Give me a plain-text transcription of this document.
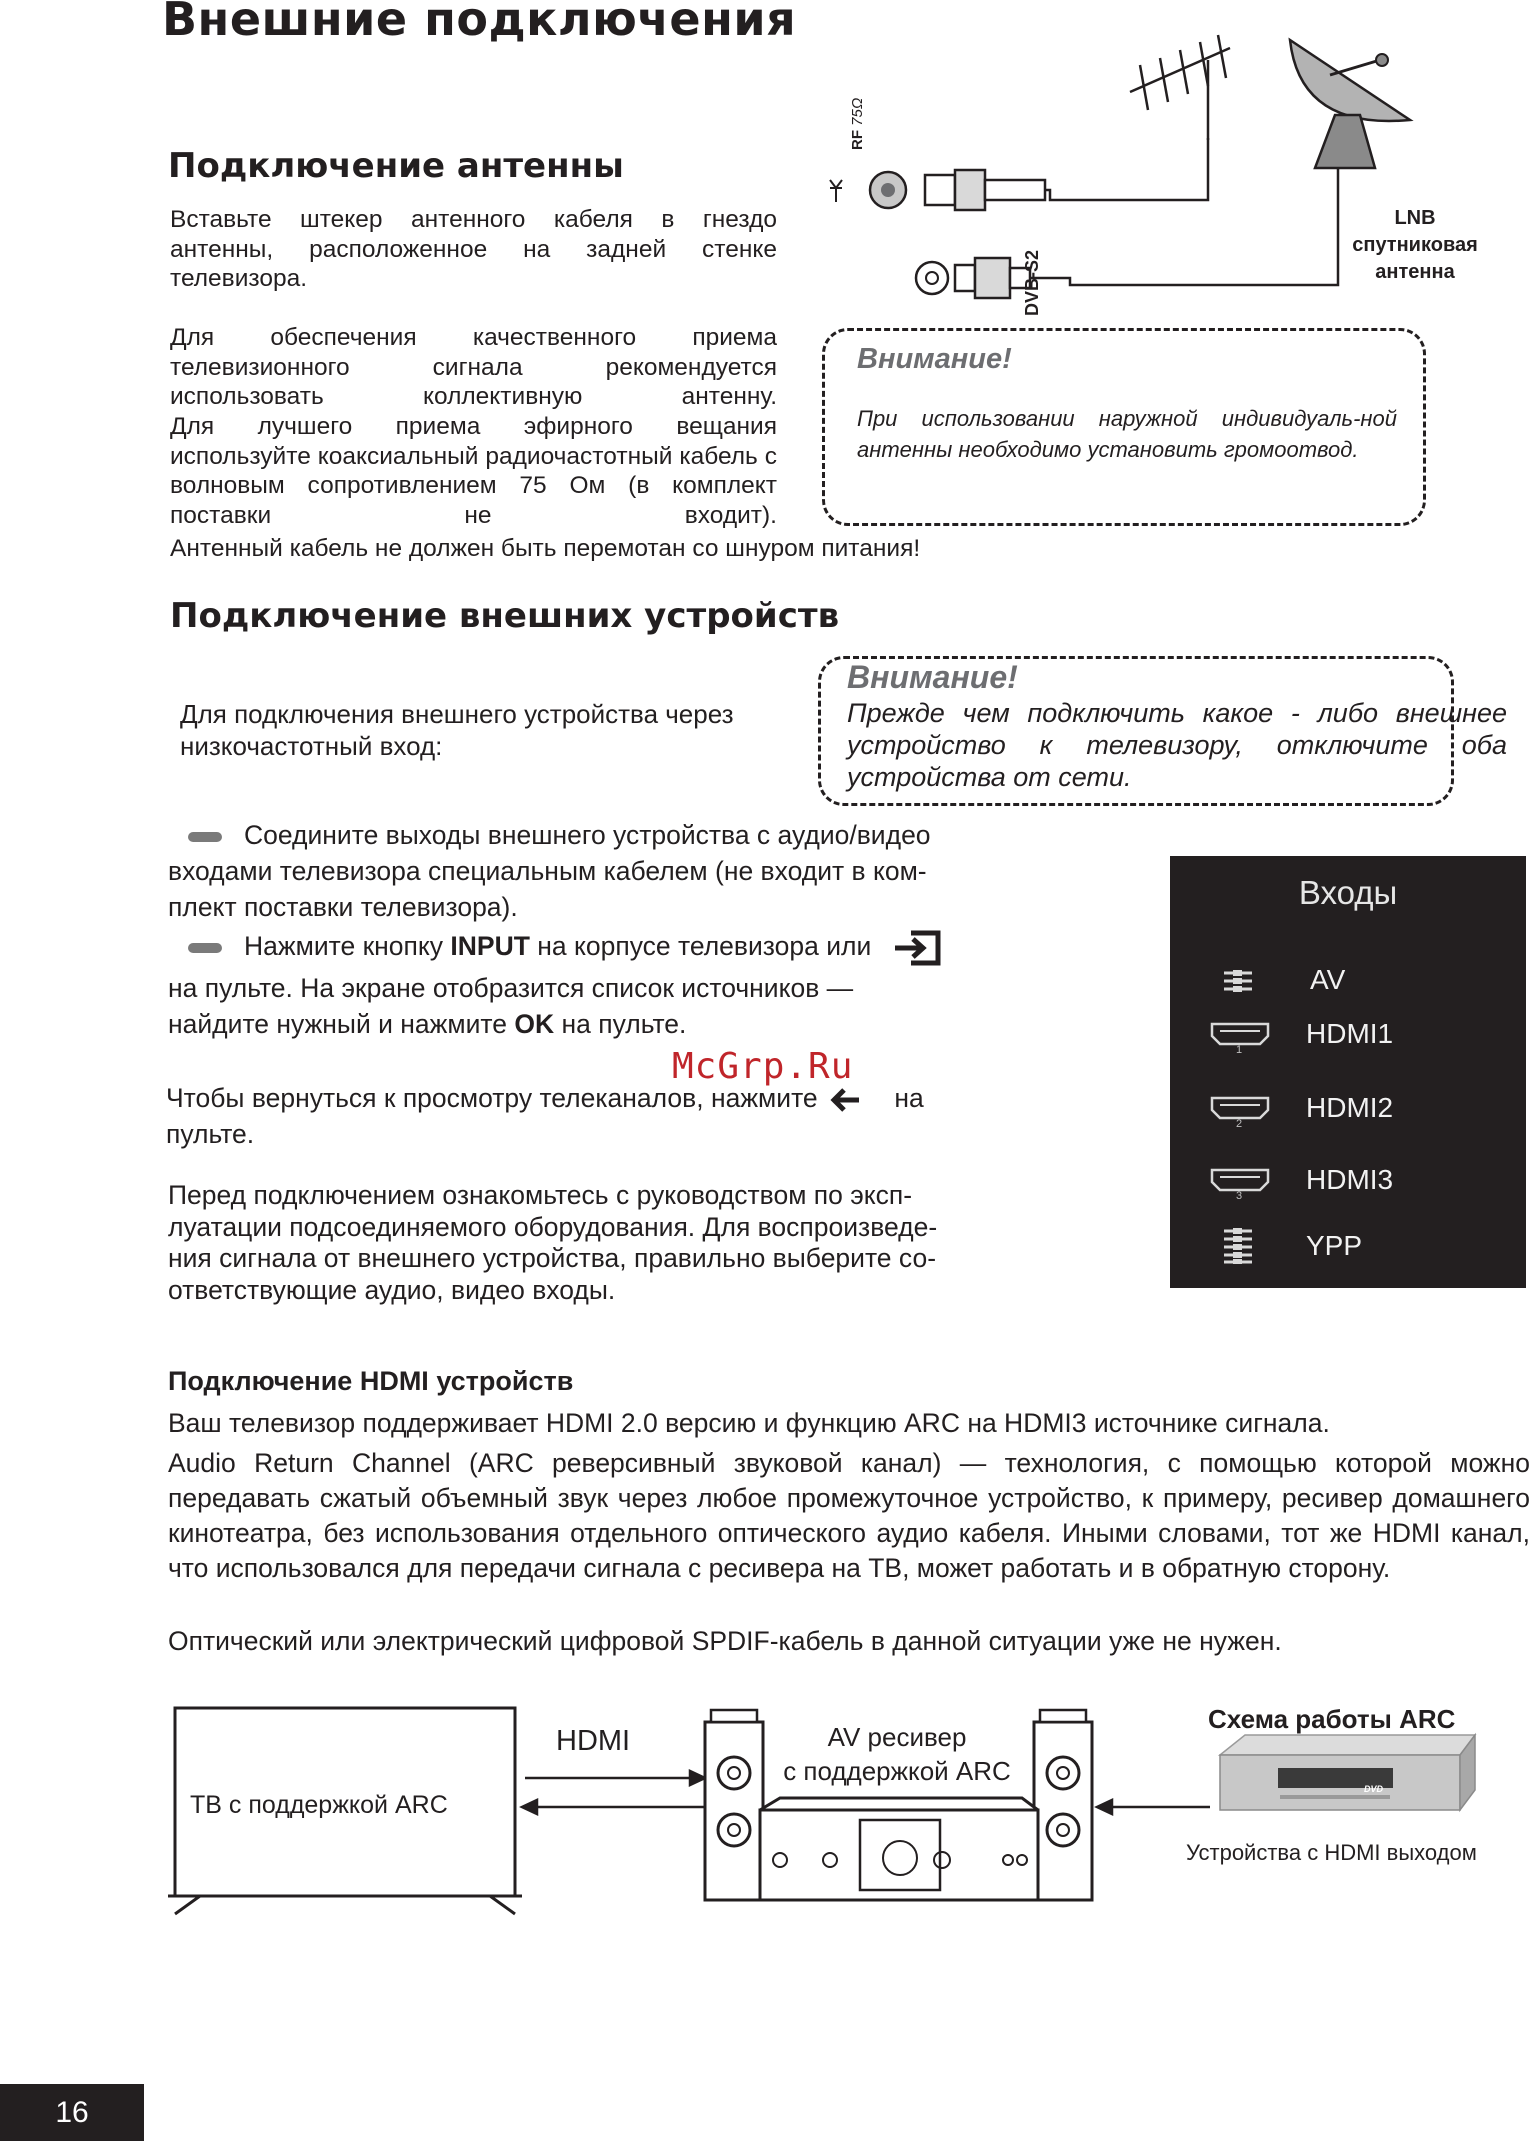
Внешние подключения
Подключение антенны
Вставьте штекер антенного кабеля в гнездо антенны, расположенное на задней стенке телевизора.
Для обеспечения качественного приема телевизионного сигнала рекомендуется использовать коллективную антенну.
Для лучшего приема эфирного вещания используйте коаксиальный радиочастотный кабель с волновым сопротивлением 75 Ом (в комплект поставки не входит).
Антенный кабель не должен быть перемотан со шнуром питания!
RF 75Ω
DVB-S2
LNB
спутниковая
антенна
Внимание!
При использовании наружной индивидуаль-ной антенны необходимо установить громоотвод.
Подключение внешних устройств
Для подключения внешнего устройства через низкочастотный вход:
Внимание!
Прежде чем подключить какое - либо внешнее устройство к телевизору, отключите оба устройства от сети.
Соедините выходы внешнего устройства с аудио/видео
входами телевизора специальным кабелем (не входит в ком-
плект поставки телевизора).
Нажмите кнопку INPUT на корпусе телевизора или
на пульте. На экране отобразится список источников —
найдите нужный и нажмите OK на пульте.
Чтобы вернуться к просмотру телеканалов, нажмите	на
пульте.
McGrp.Ru
Перед подключением ознакомьтесь с руководством по эксп-
луатации подсоединяемого оборудования. Для воспроизведе-
ния сигнала от внешнего устройства, правильно выберите со-
ответствующие аудио, видео входы.
Входы
AV
1
HDMI1
2
HDMI2
3
HDMI3
YPP
Подключение HDMI устройств
Ваш телевизор поддерживает HDMI 2.0 версию и функцию ARC на HDMI3 источнике сигнала.
Audio Return Channel (ARC реверсивный звуковой канал) — технология, с помощью которой можно передавать сжатый объемный звук через любое промежуточное устройство, к примеру, ресивер домашнего кинотеатра, без использования отдельного оптического аудио кабеля. Иными словами, тот же HDMI канал, что использовался для передачи сигнала с ресивера на ТВ, может работать и в обратную сторону.
Оптический или электрический цифровой SPDIF-кабель в данной ситуации уже не нужен.
DVD
ТВ с поддержкой ARC
HDMI	AV ресивер
с поддержкой ARC
Схема работы ARC
Устройства с HDMI выходом
16
